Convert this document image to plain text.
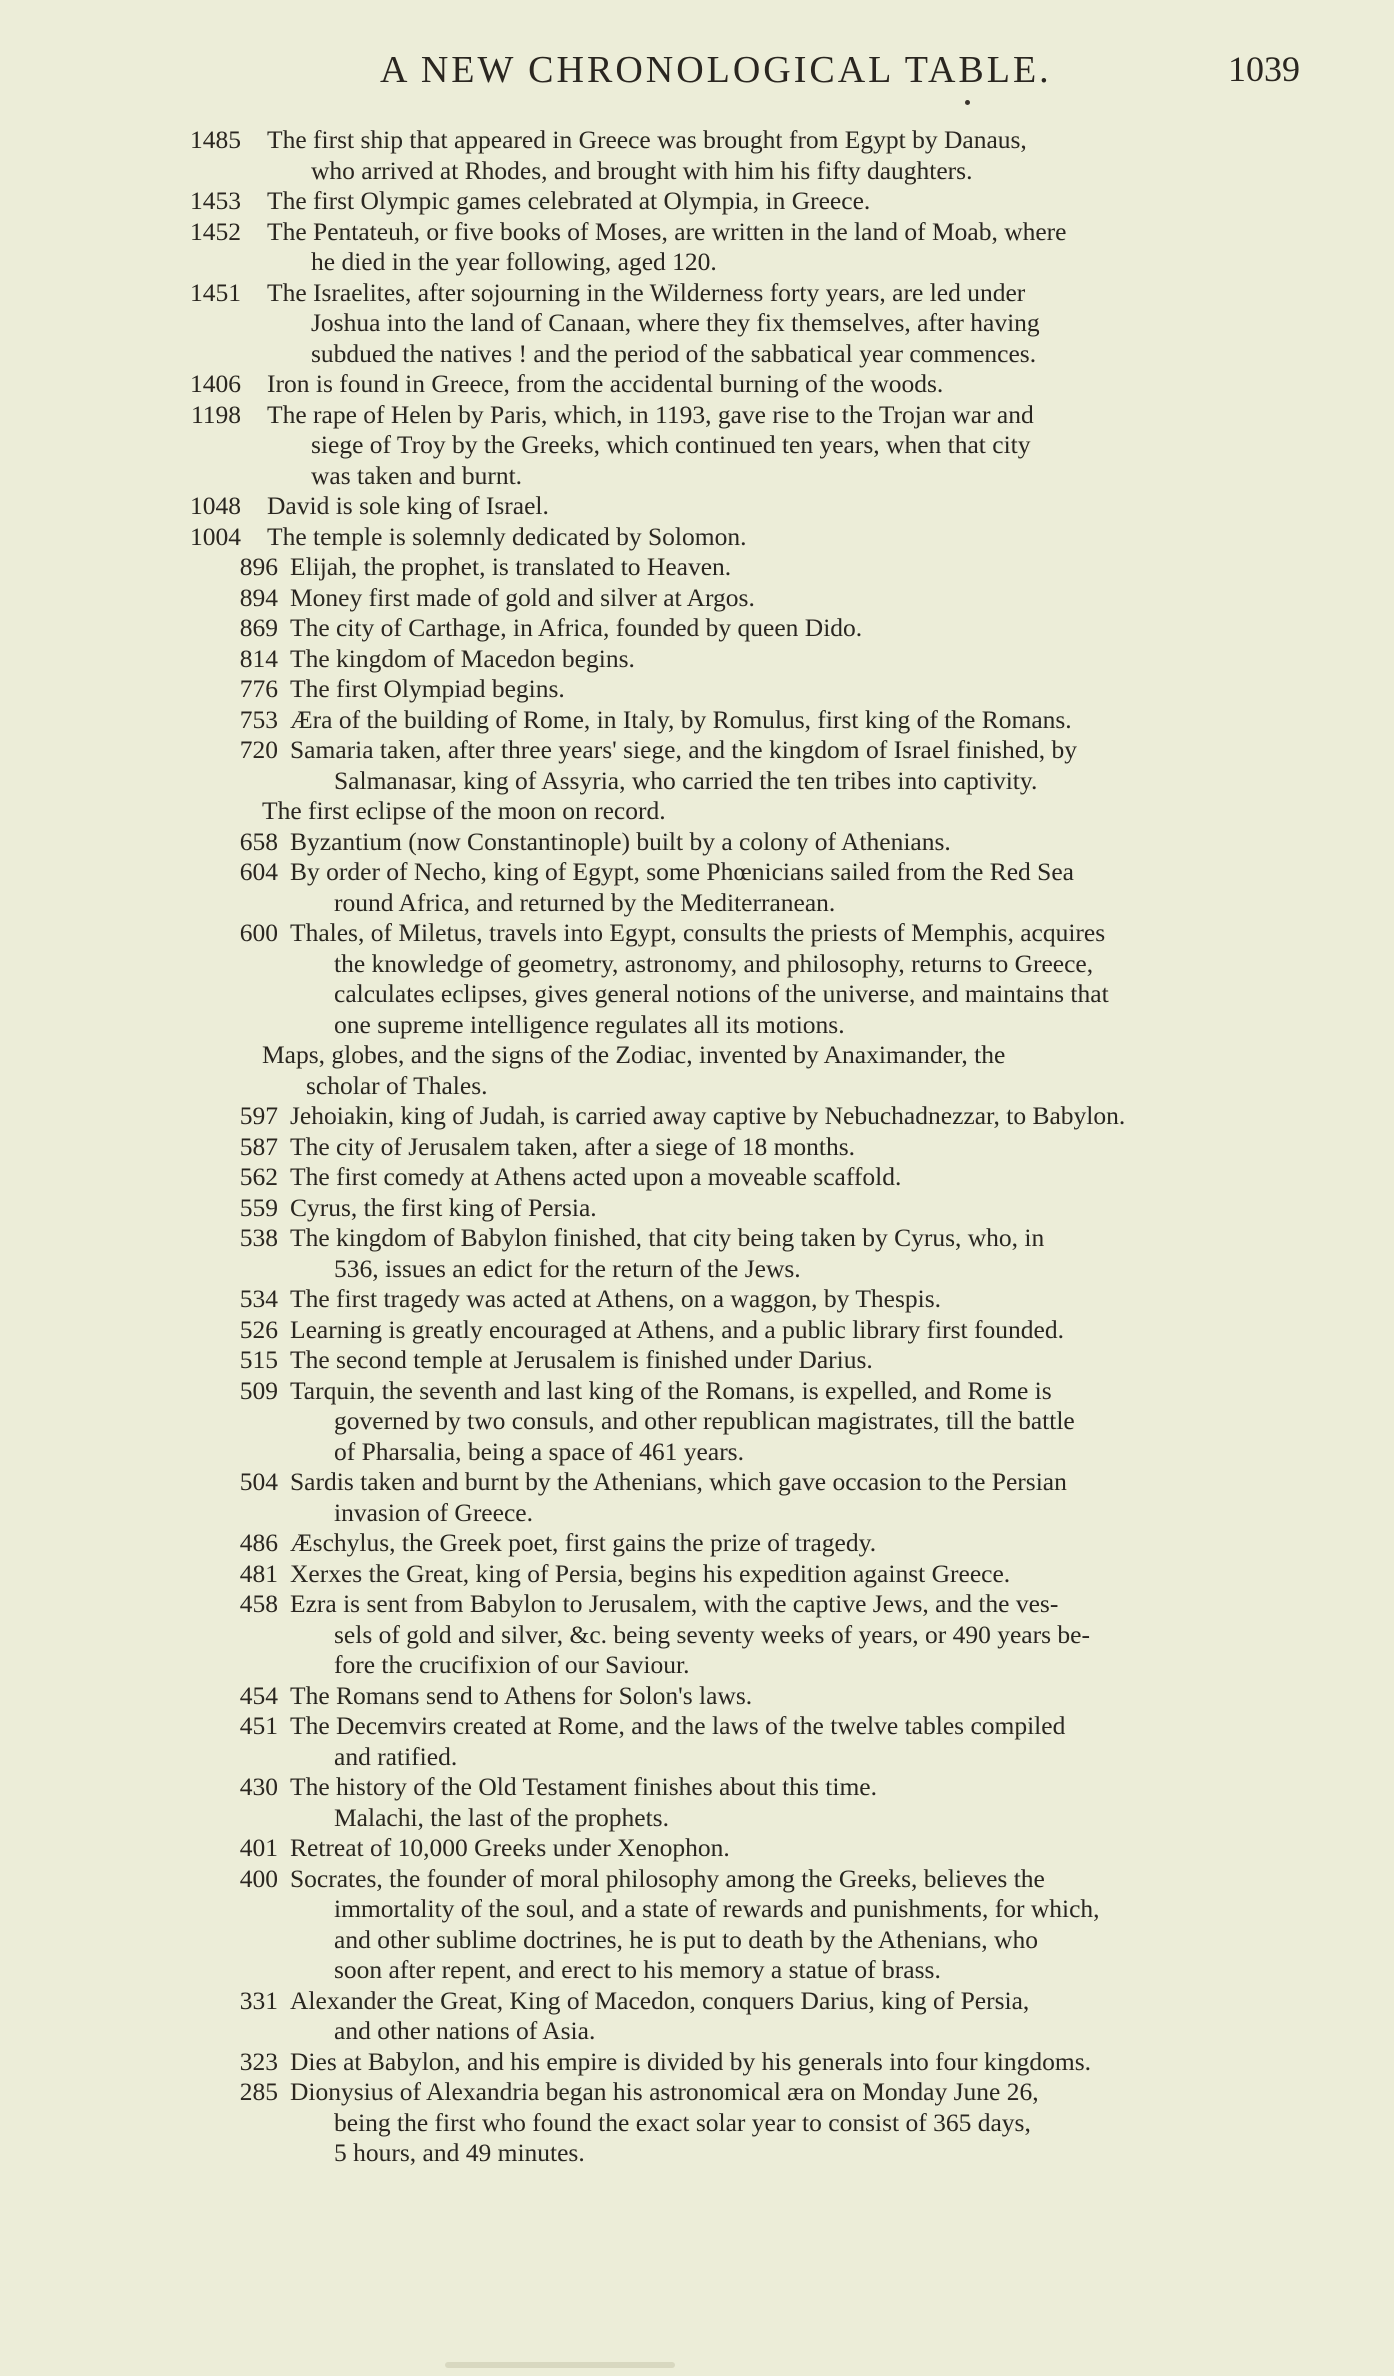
A NEW CHRONOLOGICAL TABLE.	1039
1485 The first ship that appeared in Greece was brought from Egypt by Danaus,
who arrived at Rhodes, and brought with him his fifty daughters.
1453 The first Olympic games celebrated at Olympia, in Greece.
1452 The Pentateuh, or five books of Moses, are written in the land of Moab, where
he died in the year following, aged 120.
1451 The Israelites, after sojourning in the Wilderness forty years, are led under
Joshua into the land of Canaan, where they fix themselves, after having
subdued the natives ! and the period of the sabbatical year commences.
1406 Iron is found in Greece, from the accidental burning of the woods.
1198 The rape of Helen by Paris, which, in 1193, gave rise to the Trojan war and
siege of Troy by the Greeks, which continued ten years, when that city
was taken and burnt.
1048 David is sole king of Israel.
1004 The temple is solemnly dedicated by Solomon.
896 Elijah, the prophet, is translated to Heaven.
894 Money first made of gold and silver at Argos.
869 The city of Carthage, in Africa, founded by queen Dido.
814 The kingdom of Macedon begins.
776 The first Olympiad begins.
753 Æra of the building of Rome, in Italy, by Romulus, first king of the Romans.
720 Samaria taken, after three years' siege, and the kingdom of Israel finished, by
Salmanasar, king of Assyria, who carried the ten tribes into captivity.
The first eclipse of the moon on record.
658 Byzantium (now Constantinople) built by a colony of Athenians.
604 By order of Necho, king of Egypt, some Phœnicians sailed from the Red Sea
round Africa, and returned by the Mediterranean.
600 Thales, of Miletus, travels into Egypt, consults the priests of Memphis, acquires
the knowledge of geometry, astronomy, and philosophy, returns to Greece,
calculates eclipses, gives general notions of the universe, and maintains that
one supreme intelligence regulates all its motions.
Maps, globes, and the signs of the Zodiac, invented by Anaximander, the
scholar of Thales.
597 Jehoiakin, king of Judah, is carried away captive by Nebuchadnezzar, to Babylon.
587 The city of Jerusalem taken, after a siege of 18 months.
562 The first comedy at Athens acted upon a moveable scaffold.
559 Cyrus, the first king of Persia.
538 The kingdom of Babylon finished, that city being taken by Cyrus, who, in
536, issues an edict for the return of the Jews.
534 The first tragedy was acted at Athens, on a waggon, by Thespis.
526 Learning is greatly encouraged at Athens, and a public library first founded.
515 The second temple at Jerusalem is finished under Darius.
509 Tarquin, the seventh and last king of the Romans, is expelled, and Rome is
governed by two consuls, and other republican magistrates, till the battle
of Pharsalia, being a space of 461 years.
504 Sardis taken and burnt by the Athenians, which gave occasion to the Persian
invasion of Greece.
486 Æschylus, the Greek poet, first gains the prize of tragedy.
481 Xerxes the Great, king of Persia, begins his expedition against Greece.
458 Ezra is sent from Babylon to Jerusalem, with the captive Jews, and the ves-
sels of gold and silver, &c. being seventy weeks of years, or 490 years be-
fore the crucifixion of our Saviour.
454 The Romans send to Athens for Solon's laws.
451 The Decemvirs created at Rome, and the laws of the twelve tables compiled
and ratified.
430 The history of the Old Testament finishes about this time.
Malachi, the last of the prophets.
401 Retreat of 10,000 Greeks under Xenophon.
400 Socrates, the founder of moral philosophy among the Greeks, believes the
immortality of the soul, and a state of rewards and punishments, for which,
and other sublime doctrines, he is put to death by the Athenians, who
soon after repent, and erect to his memory a statue of brass.
331 Alexander the Great, King of Macedon, conquers Darius, king of Persia,
and other nations of Asia.
323 Dies at Babylon, and his empire is divided by his generals into four kingdoms.
285 Dionysius of Alexandria began his astronomical æra on Monday June 26,
being the first who found the exact solar year to consist of 365 days,
5 hours, and 49 minutes.
